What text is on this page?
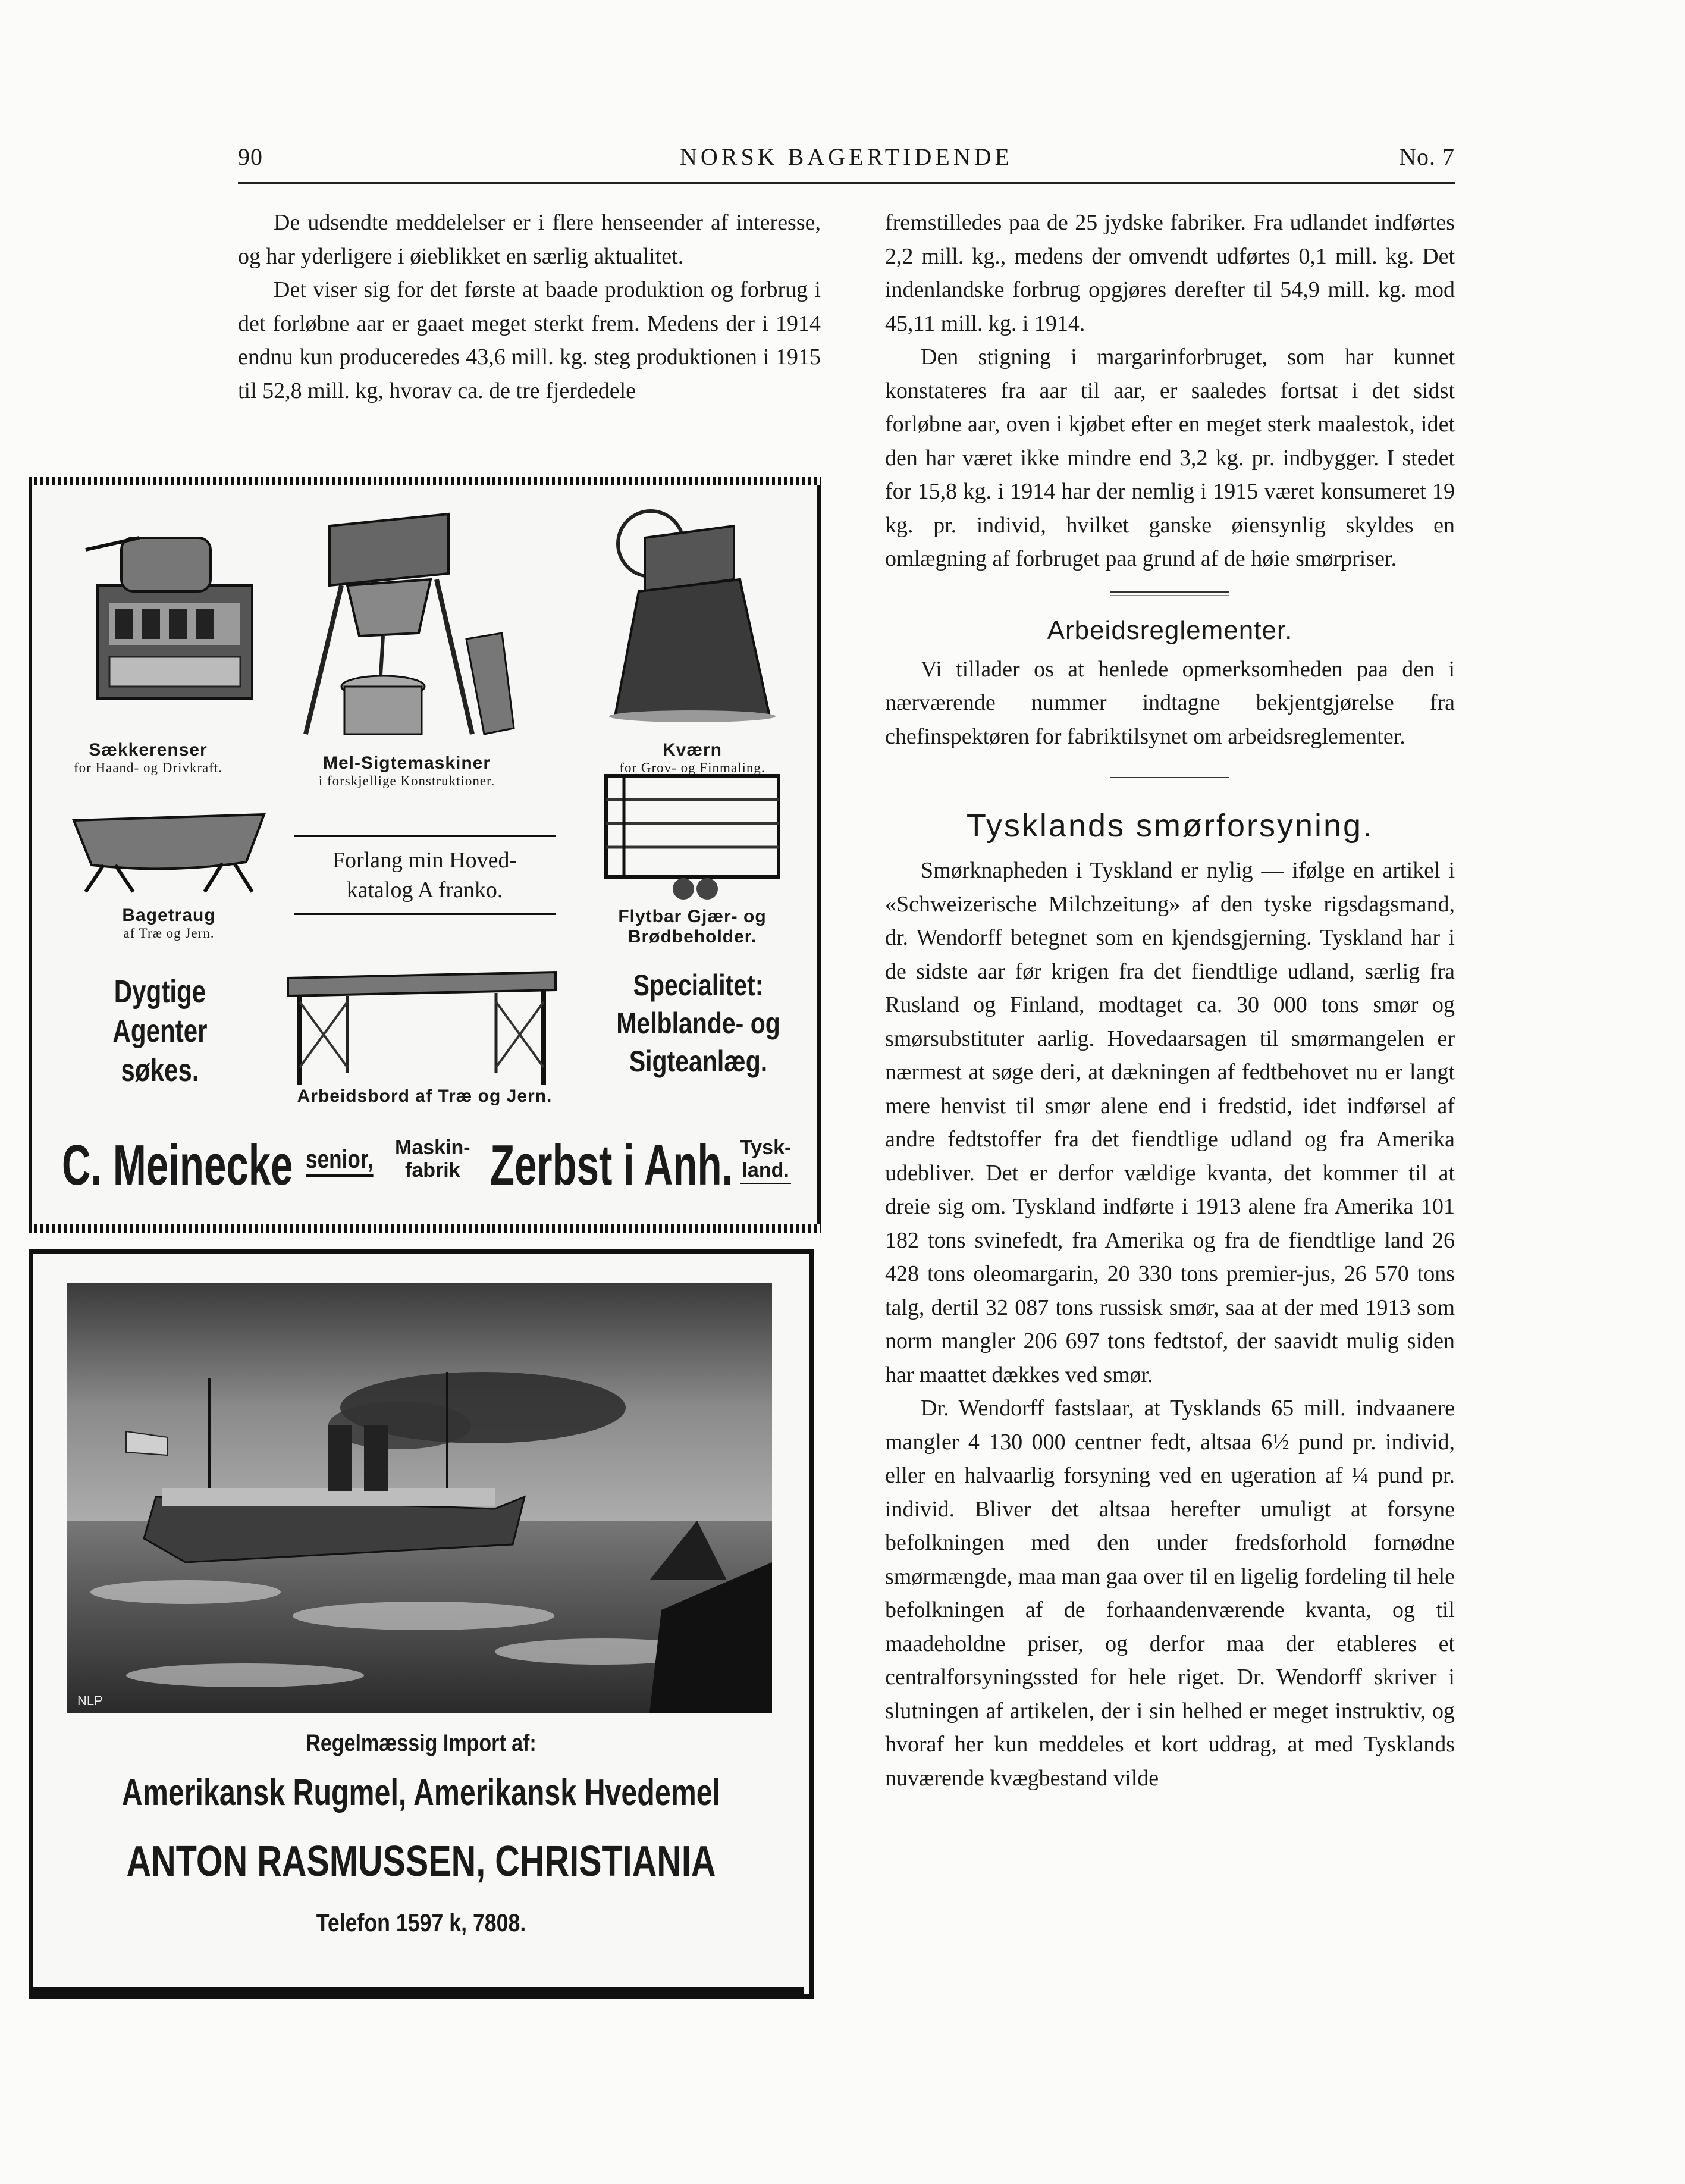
90	NORSK BAGERTIDENDE	No. 7

De udsendte meddelelser er i flere henseender af interesse, og har yderligere i øieblikket en særlig aktualitet.

Det viser sig for det første at baade produktion og forbrug i det forløbne aar er gaaet meget sterkt frem. Medens der i 1914 endnu kun produceredes 43,6 mill. kg. steg produktionen i 1915 til 52,8 mill. kg, hvorav ca. de tre fjerdedele

fremstilledes paa de 25 jydske fabriker. Fra udlandet indførtes 2,2 mill. kg., medens der omvendt udførtes 0,1 mill. kg. Det indenlandske forbrug opgjøres derefter til 54,9 mill. kg. mod 45,11 mill. kg. i 1914.

Den stigning i margarinforbruget, som har kunnet konstateres fra aar til aar, er saaledes fortsat i det sidst forløbne aar, oven i kjøbet efter en meget sterk maalestok, idet den har været ikke mindre end 3,2 kg. pr. indbygger. I stedet for 15,8 kg. i 1914 har der nemlig i 1915 været konsumeret 19 kg. pr. individ, hvilket ganske øiensynlig skyldes en omlægning af forbruget paa grund af de høie smørpriser.

Arbeidsreglementer.

Vi tillader os at henlede opmerksomheden paa den i nærværende nummer indtagne bekjentgjørelse fra chefinspektøren for fabriktilsynet om arbeidsreglementer.

Tysklands smørforsyning.

Smørknapheden i Tyskland er nylig — ifølge en artikel i «Schweizerische Milchzeitung» af den tyske rigsdagsmand, dr. Wendorff betegnet som en kjendsgjerning. Tyskland har i de sidste aar før krigen fra det fiendtlige udland, særlig fra Rusland og Finland, modtaget ca. 30 000 tons smør og smørsubstituter aarlig. Hovedaarsagen til smørmangelen er nærmest at søge deri, at dækningen af fedtbehovet nu er langt mere henvist til smør alene end i fredstid, idet indførsel af andre fedtstoffer fra det fiendtlige udland og fra Amerika udebliver. Det er derfor vældige kvanta, det kommer til at dreie sig om. Tyskland indførte i 1913 alene fra Amerika 101 182 tons svinefedt, fra Amerika og fra de fiendtlige land 26 428 tons oleomargarin, 20 330 tons premier-jus, 26 570 tons talg, dertil 32 087 tons russisk smør, saa at der med 1913 som norm mangler 206 697 tons fedtstof, der saavidt mulig siden har maattet dækkes ved smør.

Dr. Wendorff fastslaar, at Tysklands 65 mill. indvaanere mangler 4 130 000 centner fedt, altsaa 6½ pund pr. individ, eller en halvaarlig forsyning ved en ugeration af ¼ pund pr. individ. Bliver det altsaa herefter umuligt at forsyne befolkningen med den under fredsforhold fornødne smørmængde, maa man gaa over til en ligelig fordeling til hele befolkningen af de forhaandenværende kvanta, og til maadeholdne priser, og derfor maa der etableres et centralforsyningssted for hele riget. Dr. Wendorff skriver i slutningen af artikelen, der i sin helhed er meget instruktiv, og hvoraf her kun meddeles et kort uddrag, at med Tysklands nuværende kvægbestand vilde

Sækkerenser
for Haand- og Drivkraft.	Mel-Sigtemaskiner
i forskjellige Konstruktioner.
Kværn
for Grov- og Finmaling.
Bagetraug
af Træ og Jern.
Forlang min Hoved-
katalog A franko.
Flytbar Gjær- og Brødbeholder.
Dygtige Agenter
søkes.
Arbeidsbord af Træ og Jern.
Specialitet:
Melblande- og
Sigteanlæg.
C. Meinecke senior, Maskin-
fabrik Zerbst i Anh. Tysk-
land.
NLP
Regelmæssig Import af:
Amerikansk Rugmel, Amerikansk Hvedemel
ANTON RASMUSSEN, CHRISTIANIA
Telefon 1597 k, 7808.
